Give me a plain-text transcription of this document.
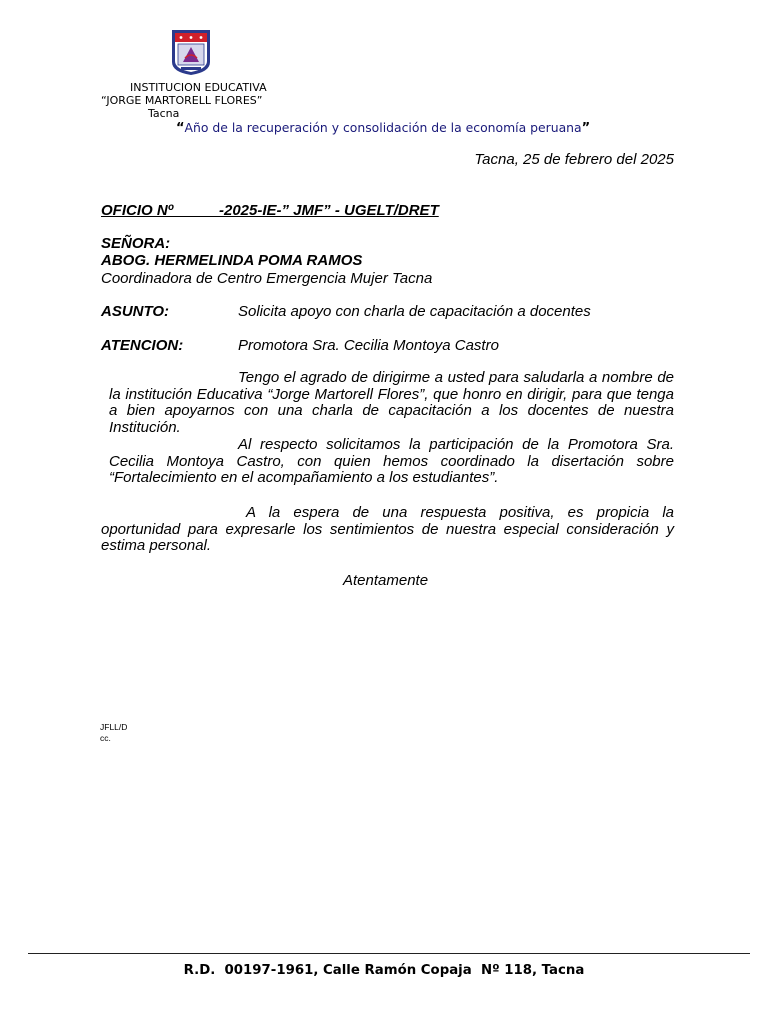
INSTITUCION EDUCATIVA
“JORGE MARTORELL FLORES”
Tacna
“Año de la recuperación y consolidación de la economía peruana”
Tacna, 25 de febrero del 2025
OFICIO Nº           -2025-IE-” JMF” - UGELT/DRET
SEÑORA:
ABOG. HERMELINDA POMA RAMOS
Coordinadora de Centro Emergencia Mujer Tacna
ASUNTO:	Solicita apoyo con charla de capacitación a docentes
ATENCION:	Promotora Sra. Cecilia Montoya Castro
Tengo el agrado de dirigirme a usted para saludarla a nombre de la institución Educativa “Jorge Martorell Flores”, que honro en dirigir, para que tenga a bien apoyarnos con una charla de capacitación a los docentes de nuestra Institución.
Al respecto solicitamos la participación de la Promotora Sra. Cecilia Montoya Castro, con quien hemos coordinado la disertación sobre “Fortalecimiento en el acompañamiento a los estudiantes”.
A la espera de una respuesta positiva, es propicia la oportunidad para expresarle los sentimientos de nuestra especial consideración y estima personal.
Atentamente
JFLL/D
cc.
R.D.  00197-1961, Calle Ramón Copaja  Nº 118, Tacna
